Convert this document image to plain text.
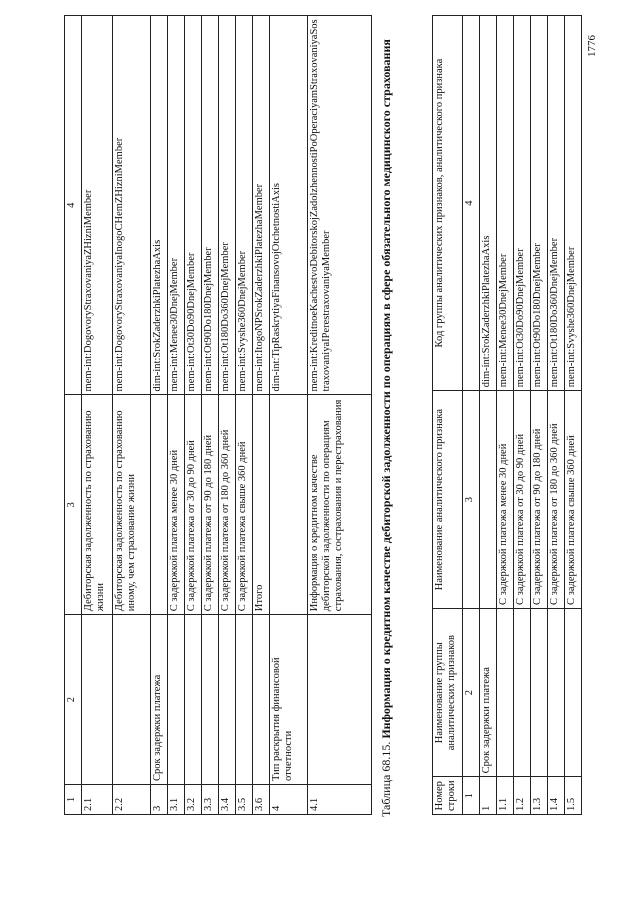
1	2	3	4
2.1		Дебиторская задолженность по страхованию жизни	mem-int:DogovoryStraxovaniyaZHizniMember
2.2		Дебиторская задолженность по страхованию иному, чем страхование жизни	mem-int:DogovoryStraxovaniyaInogoCHemZHizniMember
3	Срок задержки платежа		dim-int:SrokZaderzhkiPlatezhaAxis
3.1		С задержкой платежа менее 30 дней	mem-int:Menee30DnejMember
3.2		С задержкой платежа от 30 до 90 дней	mem-int:Ot30Do90DnejMember
3.3		С задержкой платежа от 90 до 180 дней	mem-int:Ot90Do180DnejMember
3.4		С задержкой платежа от 180 до 360 дней	mem-int:Ot180Do360DnejMember
3.5		С задержкой платежа свыше 360 дней	mem-int:Svyshe360DnejMember
3.6		Итого	mem-int:ItogoNPSrokZaderzhkiPlatezhaMember
4	Тип раскрытия финансовой отчетности		dim-int:TipRaskrytiyaFinansovojOtchetnostiAxis
4.1		Информация о кредитном качестве дебиторской задолженности по операциям страхования, сострахования и перестрахования	mem-int:KreditnoeKachestvoDebitorskojZadolzhennostiPoOperaciyamStraxovaniyaSostraxovaniyaIPerestraxovaniyaMember
Таблица 68.15. Информация о кредитном качестве дебиторской задолженности по операциям в сфере обязательного медицинского страхования
Номер строки	Наименование группы аналитических признаков	Наименование аналитического признака	Код группы аналитических признаков, аналитического признака
1	2	3	4
1	Срок задержки платежа		dim-int:SrokZaderzhkiPlatezhaAxis
1.1		С задержкой платежа менее 30 дней	mem-int:Menee30DnejMember
1.2		С задержкой платежа от 30 до 90 дней	mem-int:Ot30Do90DnejMember
1.3		С задержкой платежа от 90 до 180 дней	mem-int:Ot90Do180DnejMember
1.4		С задержкой платежа от 180 до 360 дней	mem-int:Ot180Do360DnejMember
1.5		С задержкой платежа свыше 360 дней	mem-int:Svyshe360DnejMember
1776
